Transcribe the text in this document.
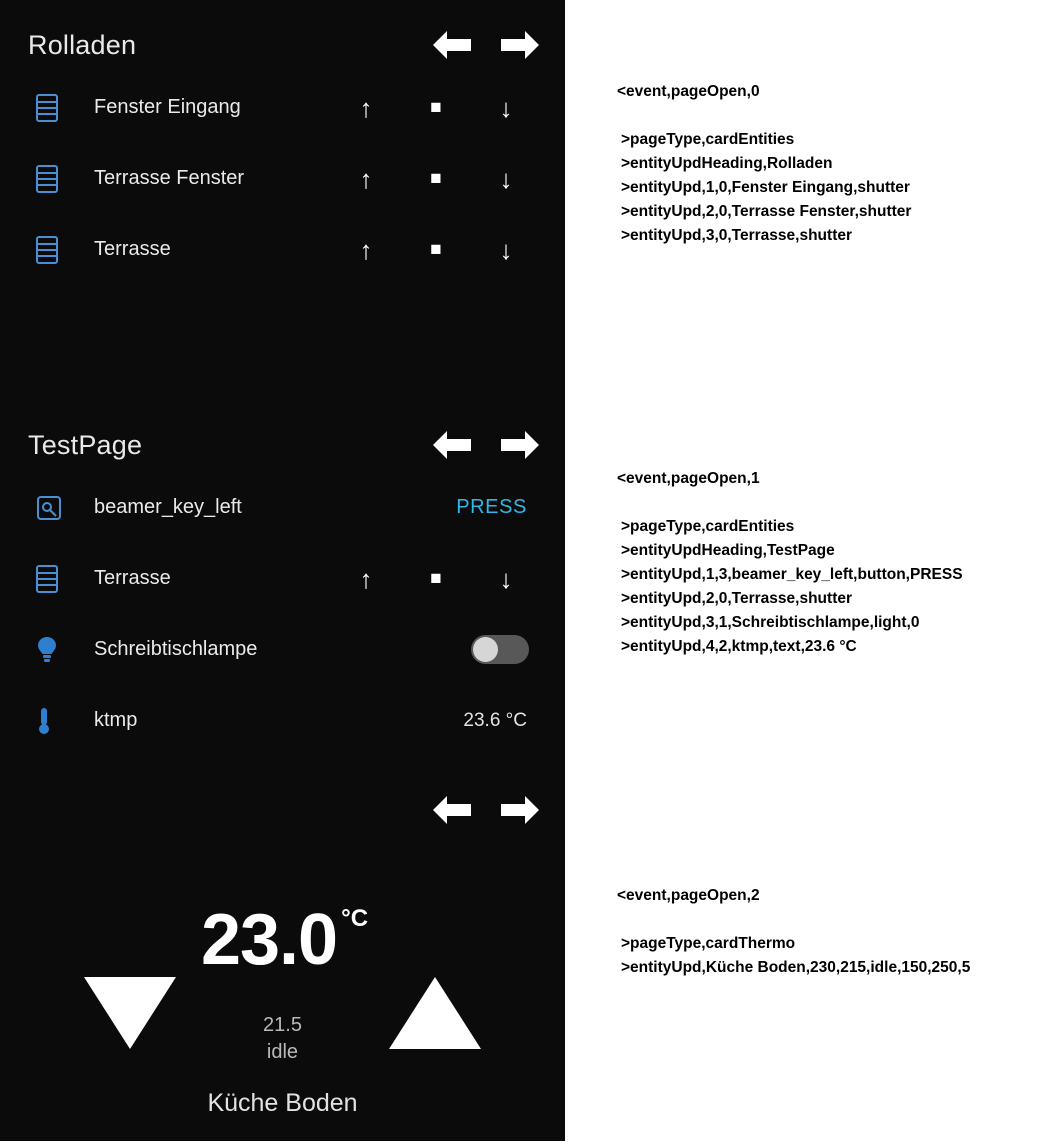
Rolladen
Fenster Eingang	↑	■	↓
Terrasse Fenster	↑	■	↓
Terrasse	↑	■	↓
TestPage
beamer_key_left	PRESS
Terrasse	↑	■	↓
Schreibtischlampe
ktmp	23.6 °C
23.0 °C
21.5
idle
Küche Boden
<event,pageOpen,0
>pageType,cardEntities
>entityUpdHeading,Rolladen
>entityUpd,1,0,Fenster Eingang,shutter
>entityUpd,2,0,Terrasse Fenster,shutter
>entityUpd,3,0,Terrasse,shutter
<event,pageOpen,1
>pageType,cardEntities
>entityUpdHeading,TestPage
>entityUpd,1,3,beamer_key_left,button,PRESS
>entityUpd,2,0,Terrasse,shutter
>entityUpd,3,1,Schreibtischlampe,light,0
>entityUpd,4,2,ktmp,text,23.6 °C
<event,pageOpen,2
>pageType,cardThermo
>entityUpd,Küche Boden,230,215,idle,150,250,5
